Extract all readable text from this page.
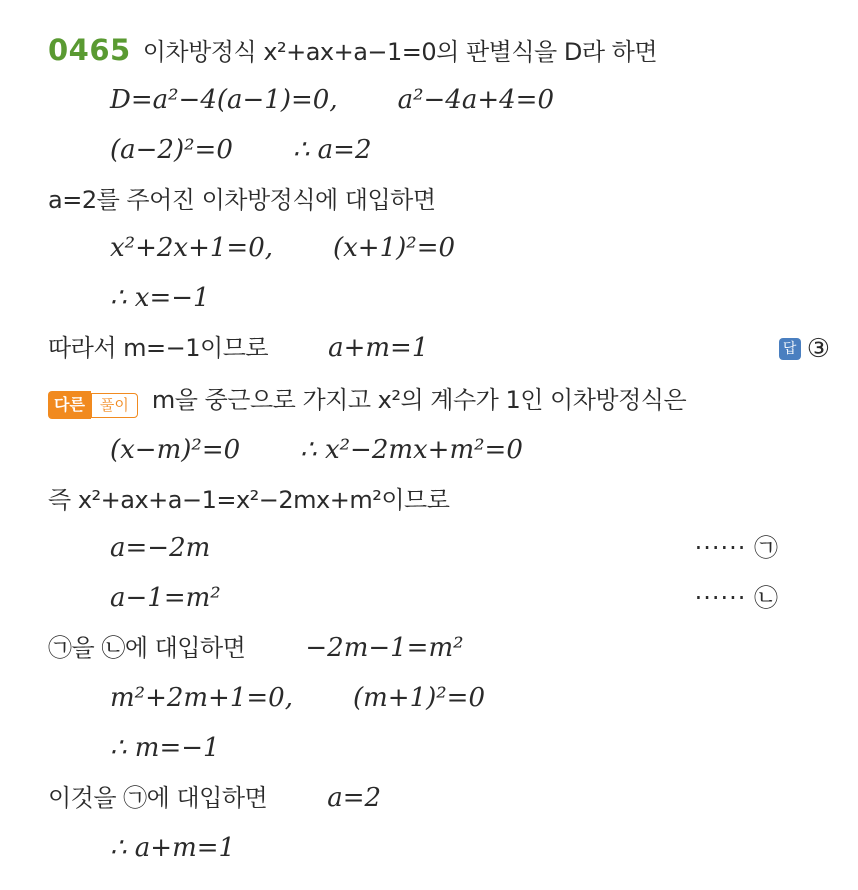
0465 이차방정식 x²+ax+a−1=0의 판별식을 D라 하면
D=a²−4(a−1)=0, a²−4a+4=0
(a−2)²=0 ∴ a=2
a=2를 주어진 이차방정식에 대입하면
x²+2x+1=0, (x+1)²=0
∴ x=−1
따라서 m=−1이므로 a+m=1	답 ③
다른 풀이 m을 중근으로 가지고 x²의 계수가 1인 이차방정식은
(x−m)²=0 ∴ x²−2mx+m²=0
즉 x²+ax+a−1=x²−2mx+m²이므로
a=−2m	······ ㉠
a−1=m²	······ ㉡
㉠을 ㉡에 대입하면 −2m−1=m²
m²+2m+1=0, (m+1)²=0
∴ m=−1
이것을 ㉠에 대입하면 a=2
∴ a+m=1
